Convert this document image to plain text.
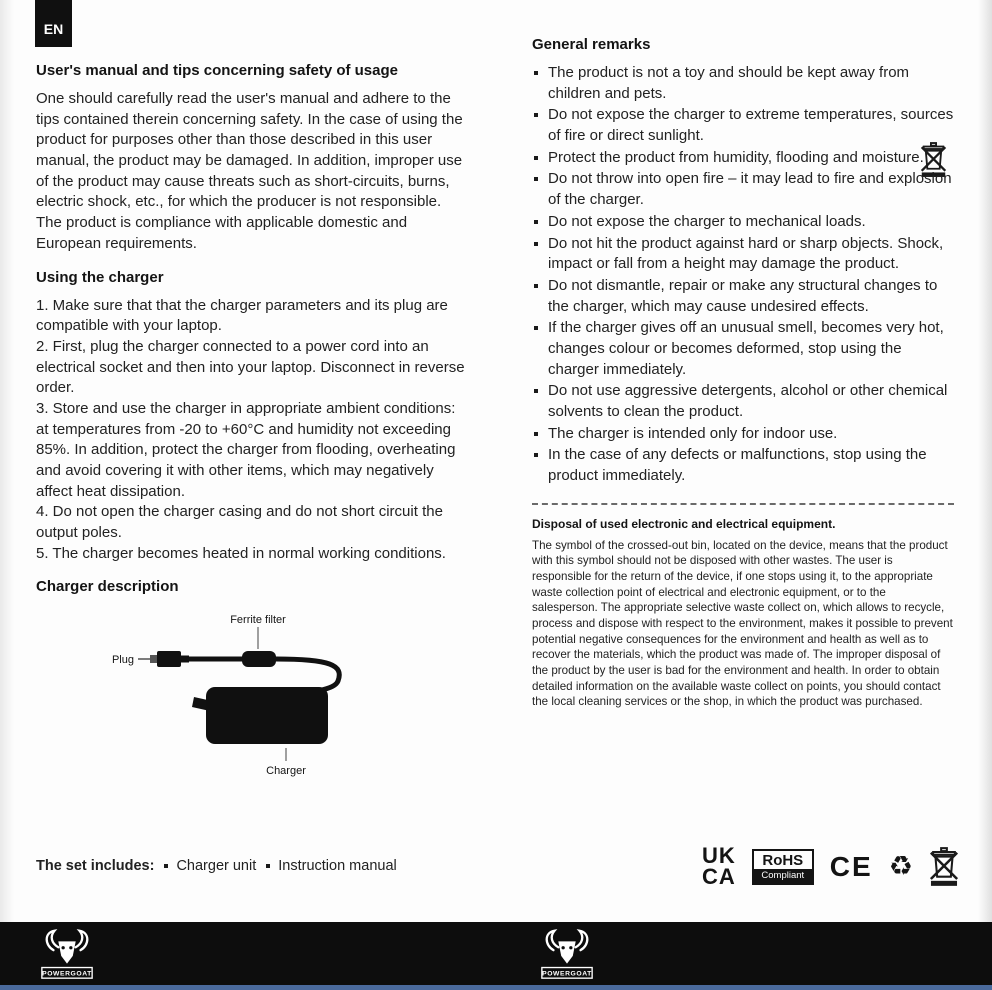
EN
User's manual and tips concerning safety of usage

One should carefully read the user's manual and adhere to the tips contained therein concerning safety. In the case of using the product for purposes other than those described in this user manual, the product may be damaged. In addition, improper use of the product may cause threats such as short-circuits, burns, electric shock, etc., for which the producer is not responsible. The product is compliance with applicable domestic and European requirements.

Using the charger

1. Make sure that that the charger parameters and its plug are compatible with your laptop.

2. First, plug the charger connected to a power cord into an electrical socket and then into your laptop. Disconnect in reverse order.

3. Store and use the charger in appropriate ambient conditions: at temperatures from -20 to +60°C and humidity not exceeding 85%. In addition, protect the charger from flooding, overheating and avoid covering it with other items, which may negatively affect heat dissipation.

4. Do not open the charger casing and do not short circuit the output poles.

5. The charger becomes heated in normal working conditions.

Charger description
Ferrite filter
Plug
Charger
The set includes:	Charger unit	Instruction manual
General remarks
The product is not a toy and should be kept away from children and pets.
Do not expose the charger to extreme temperatures, sources of fire or direct sunlight.
Protect the product from humidity, flooding and moisture.
Do not throw into open fire – it may lead to fire and explosion of the charger.
Do not expose the charger to mechanical loads.
Do not hit the product against hard or sharp objects. Shock, impact or fall from a height may damage the product.
Do not dismantle, repair or make any structural changes to the charger, which may cause undesired effects.
If the charger gives off an unusual smell, becomes very hot, changes colour or becomes deformed, stop using the charger immediately.
Do not use aggressive detergents, alcohol or other chemical solvents to clean the product.
The charger is intended only for indoor use.
In the case of any defects or malfunctions, stop using the product immediately.

Disposal of used electronic and electrical equipment.

The symbol of the crossed-out bin, located on the device, means that the product with this symbol should not be disposed with other wastes. The user is responsible for the return of the device, if one stops using it, to the appropriate waste collection point of electrical and electronic equipment, or to the salesperson. The appropriate selective waste collect on, which allows to recycle, process and dispose with respect to the environment, makes it possible to prevent potential negative consequences for the environment and health as well as to recover the materials, which the product was made of. The improper disposal of the product by the user is bad for the environment and health. In order to obtain detailed information on the available waste collect on points, you should contact the local cleaning services or the shop, in which the product was purchased.

UK
CA
RoHS
Compliant CE ♻
POWERGOAT	POWERGOAT
